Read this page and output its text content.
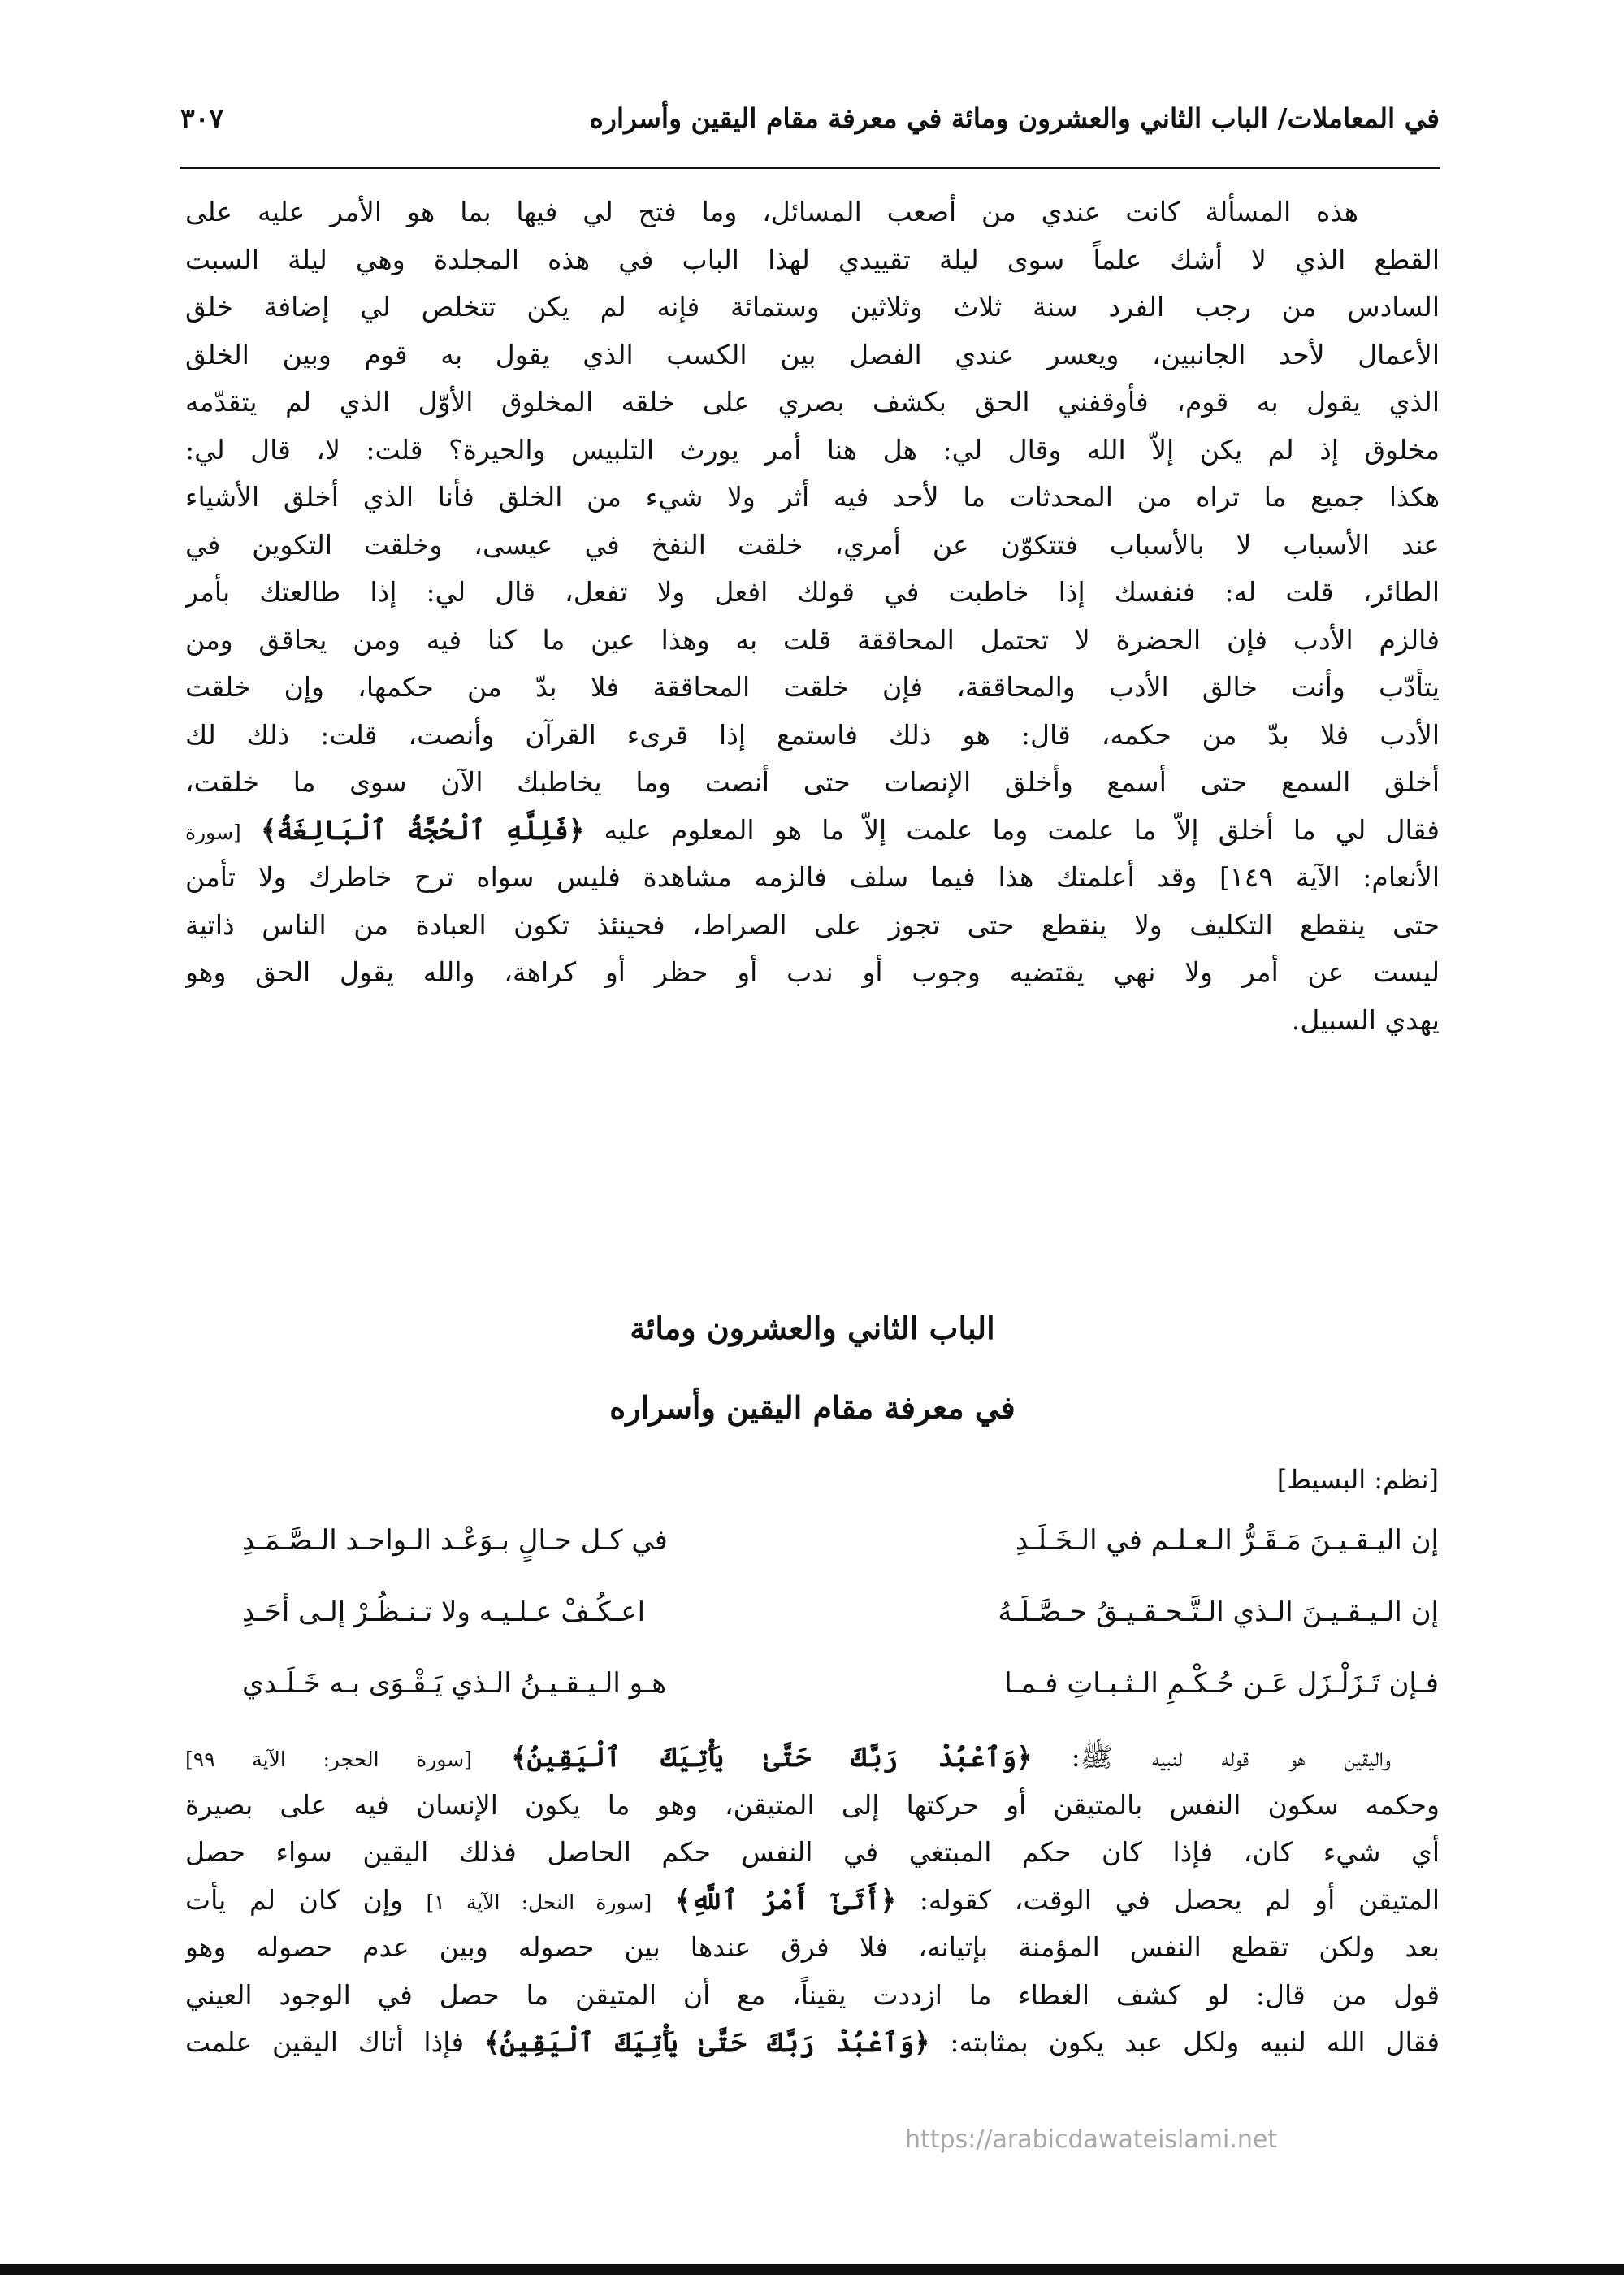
في المعاملات/ الباب الثاني والعشرون ومائة في معرفة مقام اليقين وأسراره
٣٠٧
هذه المسألة كانت عندي من أصعب المسائل، وما فتح لي فيها بما هو الأمر عليه على
القطع الذي لا أشك علماً سوى ليلة تقييدي لهذا الباب في هذه المجلدة وهي ليلة السبت
السادس من رجب الفرد سنة ثلاث وثلاثين وستمائة فإنه لم يكن تتخلص لي إضافة خلق
الأعمال لأحد الجانبين، ويعسر عندي الفصل بين الكسب الذي يقول به قوم وبين الخلق
الذي يقول به قوم، فأوقفني الحق بكشف بصري على خلقه المخلوق الأوّل الذي لم يتقدّمه
مخلوق إذ لم يكن إلاّ الله وقال لي: هل هنا أمر يورث التلبيس والحيرة؟ قلت: لا، قال لي:
هكذا جميع ما تراه من المحدثات ما لأحد فيه أثر ولا شيء من الخلق فأنا الذي أخلق الأشياء
عند الأسباب لا بالأسباب فتتكوّن عن أمري، خلقت النفخ في عيسى، وخلقت التكوين في
الطائر، قلت له: فنفسك إذا خاطبت في قولك افعل ولا تفعل، قال لي: إذا طالعتك بأمر
فالزم الأدب فإن الحضرة لا تحتمل المحاققة قلت به وهذا عين ما كنا فيه ومن يحاقق ومن
يتأدّب وأنت خالق الأدب والمحاققة، فإن خلقت المحاققة فلا بدّ من حكمها، وإن خلقت
الأدب فلا بدّ من حكمه، قال: هو ذلك فاستمع إذا قرىء القرآن وأنصت، قلت: ذلك لك
أخلق السمع حتى أسمع وأخلق الإنصات حتى أنصت وما يخاطبك الآن سوى ما خلقت،
فقال لي ما أخلق إلاّ ما علمت وما علمت إلاّ ما هو المعلوم عليه ﴿فَلِلَّهِ ٱلْحُجَّةُ ٱلْبَالِغَةُ﴾ [سورة
الأنعام: الآية ١٤٩] وقد أعلمتك هذا فيما سلف فالزمه مشاهدة فليس سواه ترح خاطرك ولا تأمن
حتى ينقطع التكليف ولا ينقطع حتى تجوز على الصراط، فحينئذ تكون العبادة من الناس ذاتية
ليست عن أمر ولا نهي يقتضيه وجوب أو ندب أو حظر أو كراهة، والله يقول الحق وهو
يهدي السبيل.
الباب الثاني والعشرون ومائة
في معرفة مقام اليقين وأسراره
[نظم: البسيط]
إن اليـقـيـنَ مَـقَـرُّ الـعـلـم في الـخَـلَـدِ
في كـل حـالٍ بـوَعْـد الـواحـد الـصَّـمَـدِ
إن الـيـقـيـنَ الـذي الـتَّـحـقـيـقُ حـصَّـلَـهُ
اعـكُـفْ عـلـيـه ولا تـنـظُـرْ إلـى أحَـدِ
فـإن تَـزَلْـزَل عَـن حُـكْـمِ الـثـبـاتِ فـمـا
هـو الـيـقـيـنُ الـذي يَـقْـوَى بـه خَـلَـدي
واليقين هو قوله لنبيه ﷺ: ﴿وَٱعْبُدْ رَبَّكَ حَتَّىٰ يَأْتِيَكَ ٱلْيَقِينُ﴾ [سورة الحجر: الآية ٩٩]
وحكمه سكون النفس بالمتيقن أو حركتها إلى المتيقن، وهو ما يكون الإنسان فيه على بصيرة
أي شيء كان، فإذا كان حكم المبتغي في النفس حكم الحاصل فذلك اليقين سواء حصل
المتيقن أو لم يحصل في الوقت، كقوله: ﴿أَتَىٰٓ أَمْرُ ٱللَّهِ﴾ [سورة النحل: الآية ١] وإن كان لم يأت
بعد ولكن تقطع النفس المؤمنة بإتيانه، فلا فرق عندها بين حصوله وبين عدم حصوله وهو
قول من قال: لو كشف الغطاء ما ازددت يقيناً، مع أن المتيقن ما حصل في الوجود العيني
فقال الله لنبيه ولكل عبد يكون بمثابته: ﴿وَٱعْبُدْ رَبَّكَ حَتَّىٰ يَأْتِيَكَ ٱلْيَقِينُ﴾ فإذا أتاك اليقين علمت
https://arabicdawateislami.net
